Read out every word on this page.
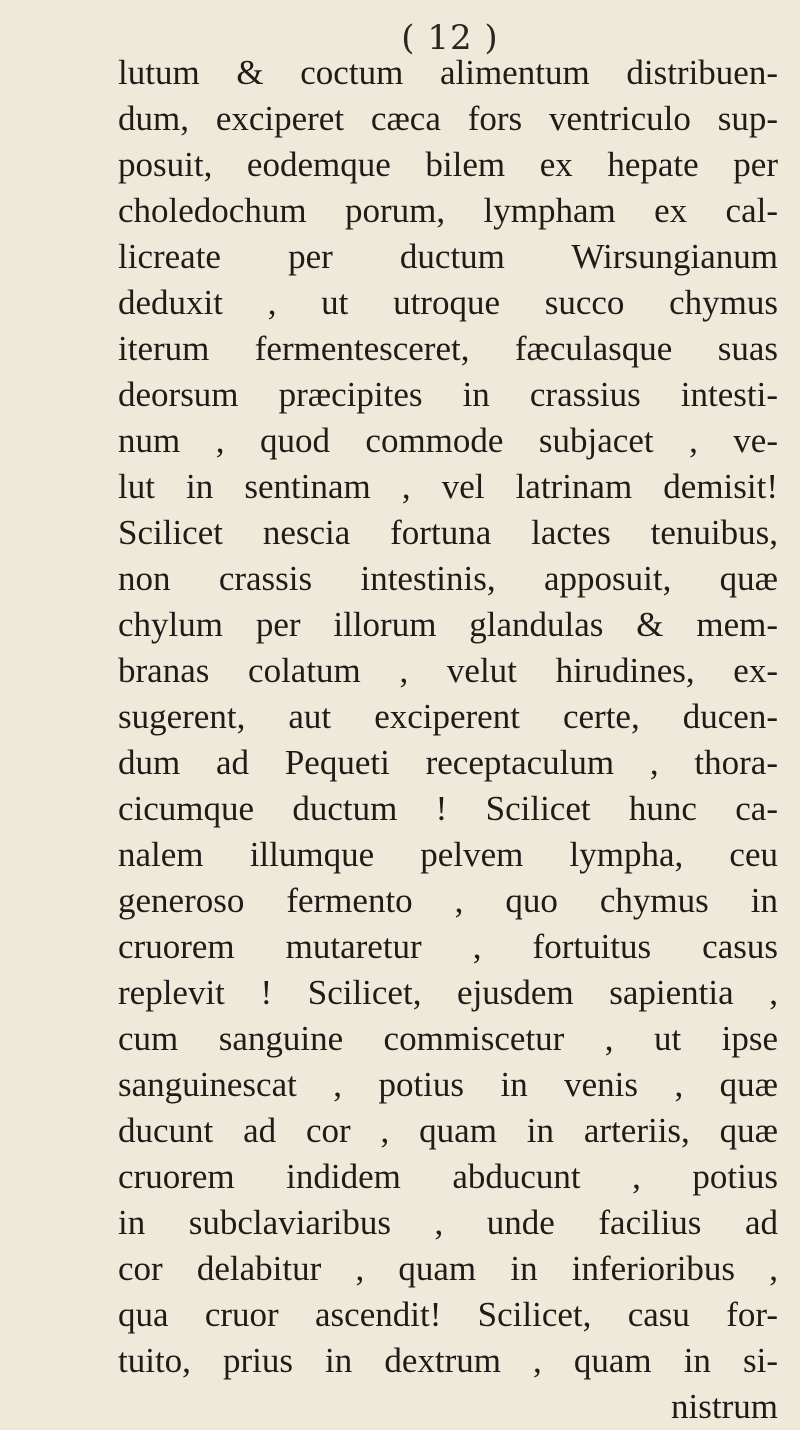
( 12 )
lutum & coctum alimentum distribuen-
dum, exciperet cæca fors ventriculo sup-
posuit, eodemque bilem ex hepate per
choledochum porum, lympham ex cal-
licreate per ductum Wirsungianum
deduxit , ut utroque succo chymus
iterum fermentesceret, fæculasque suas
deorsum præcipites in crassius intesti-
num , quod commode subjacet , ve-
lut in sentinam , vel latrinam demisit!
Scilicet nescia fortuna lactes tenuibus,
non crassis intestinis, apposuit, quæ
chylum per illorum glandulas & mem-
branas colatum , velut hirudines, ex-
sugerent, aut exciperent certe, ducen-
dum ad Pequeti receptaculum , thora-
cicumque ductum ! Scilicet hunc ca-
nalem illumque pelvem lympha, ceu
generoso fermento , quo chymus in
cruorem mutaretur , fortuitus casus
replevit ! Scilicet, ejusdem sapientia ,
cum sanguine commiscetur , ut ipse
sanguinescat , potius in venis , quæ
ducunt ad cor , quam in arteriis, quæ
cruorem indidem abducunt , potius
in subclaviaribus , unde facilius ad
cor delabitur , quam in inferioribus ,
qua cruor ascendit! Scilicet, casu for-
tuito, prius in dextrum , quam in si-
nistrum
